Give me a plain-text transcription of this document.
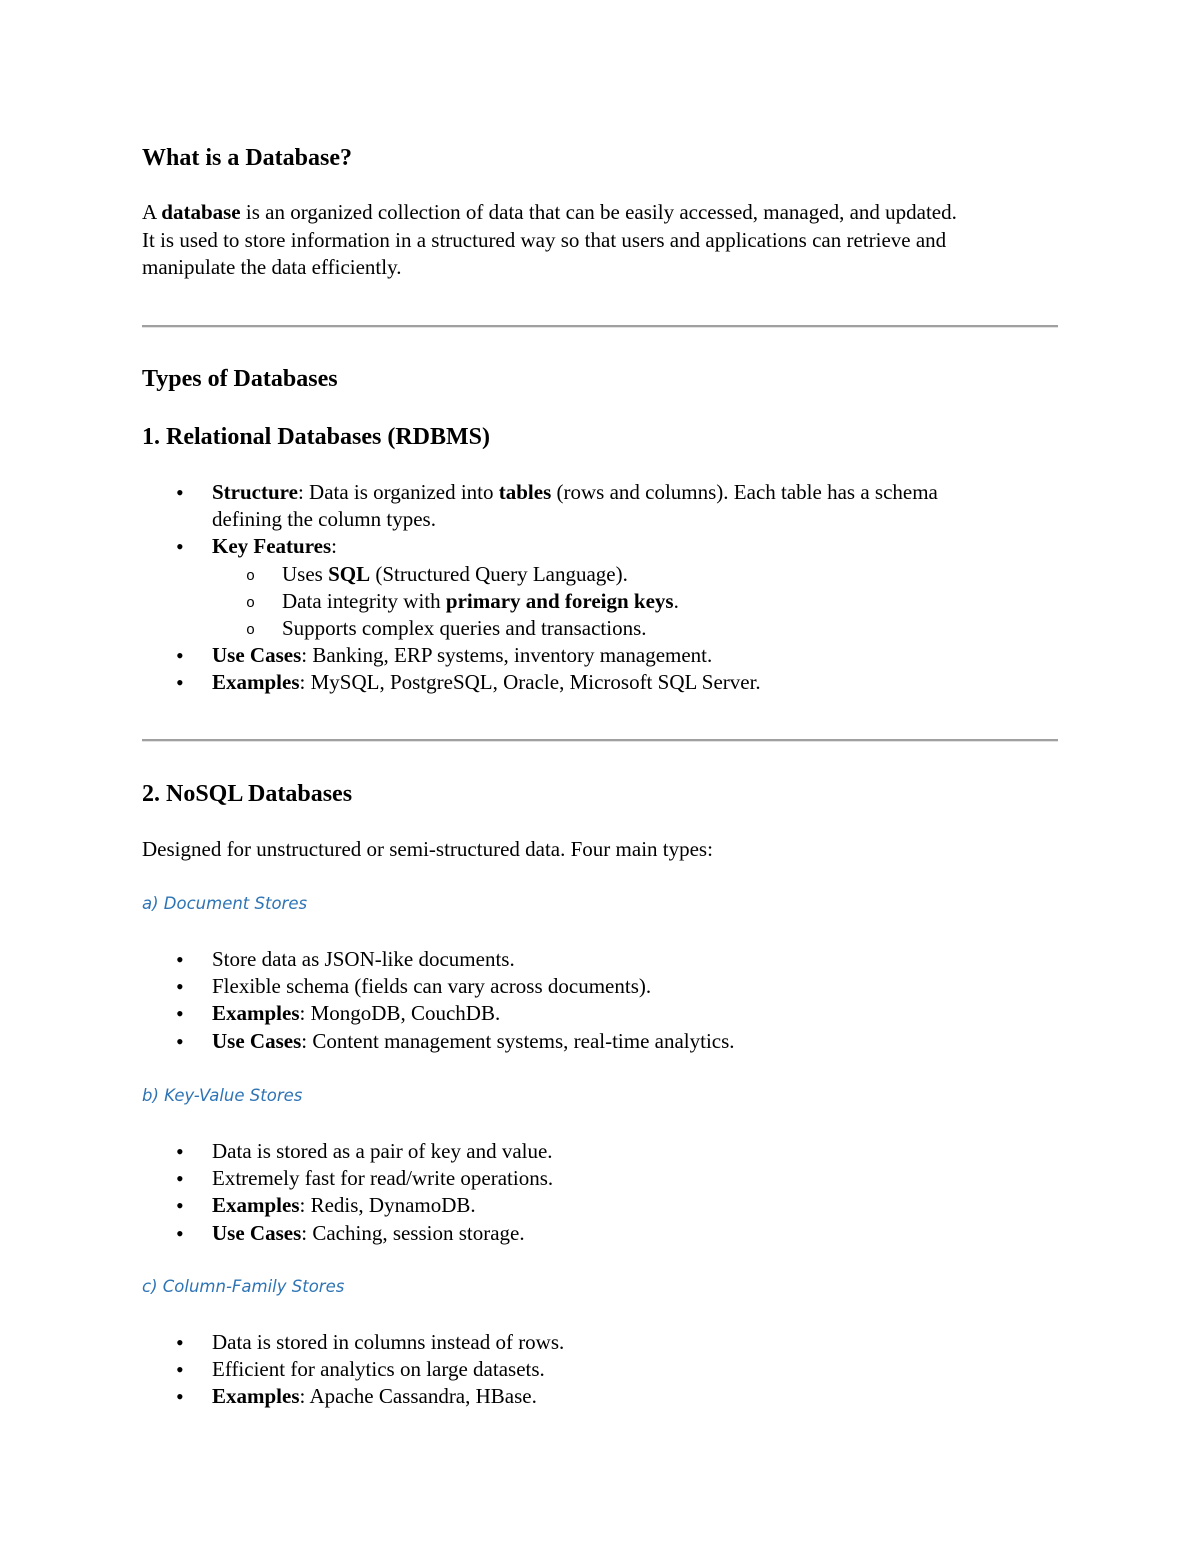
What is a Database?
A database is an organized collection of data that can be easily accessed, managed, and updated.
It is used to store information in a structured way so that users and applications can retrieve and
manipulate the data efficiently.
Types of Databases
1. Relational Databases (RDBMS)
• Structure: Data is organized into tables (rows and columns). Each table has a schema defining the column types.
• Key Features:
o Uses SQL (Structured Query Language).
o Data integrity with primary and foreign keys.
o Supports complex queries and transactions.
• Use Cases: Banking, ERP systems, inventory management.
• Examples: MySQL, PostgreSQL, Oracle, Microsoft SQL Server.
2. NoSQL Databases
Designed for unstructured or semi-structured data. Four main types:
a) Document Stores
• Store data as JSON-like documents.
• Flexible schema (fields can vary across documents).
• Examples: MongoDB, CouchDB.
• Use Cases: Content management systems, real-time analytics.
b) Key-Value Stores
• Data is stored as a pair of key and value.
• Extremely fast for read/write operations.
• Examples: Redis, DynamoDB.
• Use Cases: Caching, session storage.
c) Column-Family Stores
• Data is stored in columns instead of rows.
• Efficient for analytics on large datasets.
• Examples: Apache Cassandra, HBase.
